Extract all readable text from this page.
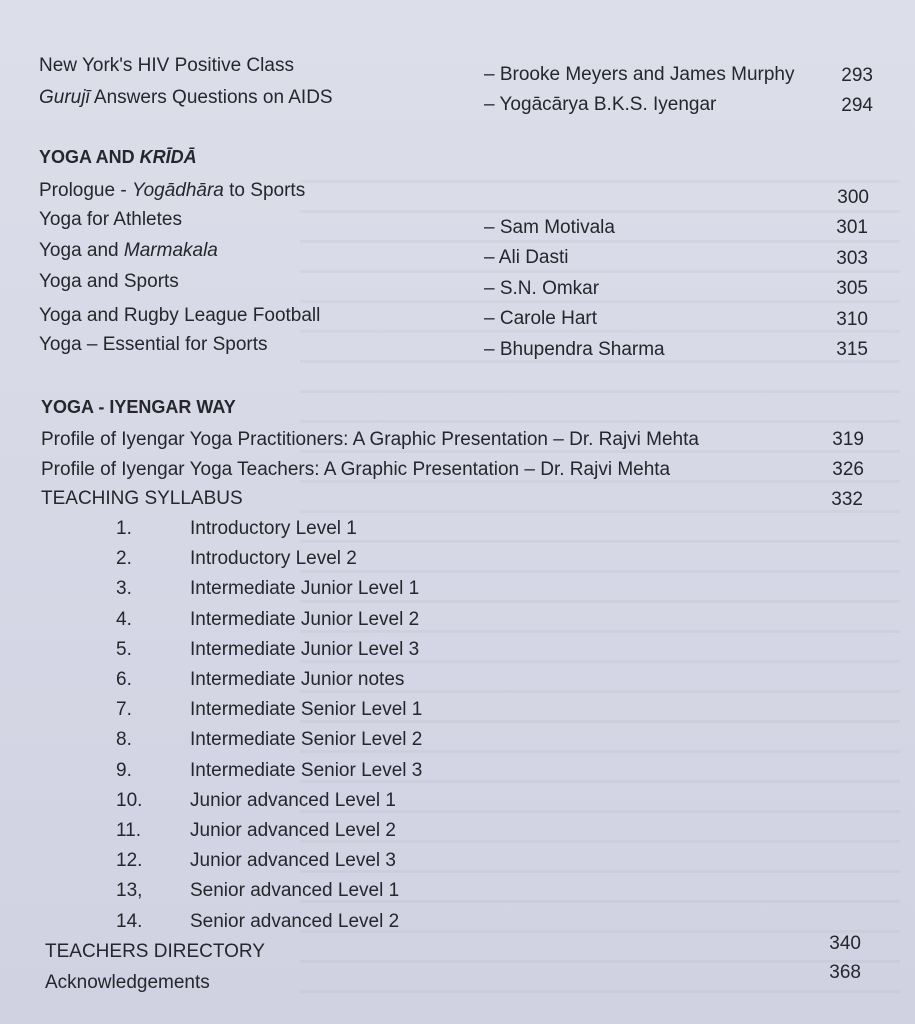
New York's HIV Positive Class	– Brooke Meyers and James Murphy	293
Gurujī Answers Questions on AIDS	– Yogācārya B.K.S. Iyengar	294
YOGA AND KRĪDĀ
Prologue - Yogādhāra to Sports	300
Yoga for Athletes	– Sam Motivala	301
Yoga and Marmakala	– Ali Dasti	303
Yoga and Sports	– S.N. Omkar	305
Yoga and Rugby League Football	– Carole Hart	310
Yoga – Essential for Sports	– Bhupendra Sharma	315
YOGA - IYENGAR WAY
Profile of Iyengar Yoga Practitioners: A Graphic Presentation – Dr. Rajvi Mehta	319
Profile of Iyengar Yoga Teachers: A Graphic Presentation – Dr. Rajvi Mehta	326
TEACHING SYLLABUS	332
1.	Introductory Level 1
2.	Introductory Level 2
3.	Intermediate Junior Level 1
4.	Intermediate Junior Level 2
5.	Intermediate Junior Level 3
6.	Intermediate Junior notes
7.	Intermediate Senior Level 1
8.	Intermediate Senior Level 2
9.	Intermediate Senior Level 3
10.	Junior advanced Level 1
11.	Junior advanced Level 2
12.	Junior advanced Level 3
13,	Senior advanced Level 1
14.	Senior advanced Level 2
TEACHERS DIRECTORY	340
Acknowledgements	368
